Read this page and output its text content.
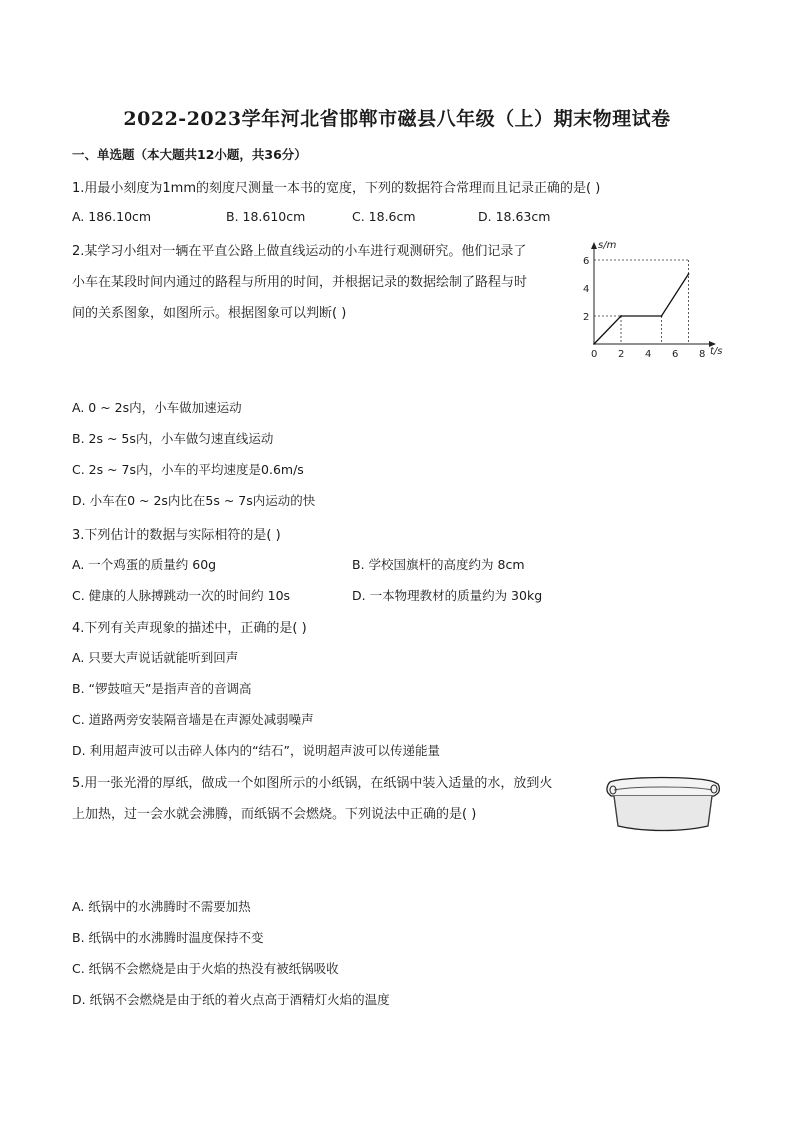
2022-2023学年河北省邯郸市磁县八年级（上）期末物理试卷
一、单选题（本大题共12小题，共36分）
1.用最小刻度为1mm的刻度尺测量一本书的宽度，下列的数据符合常理而且记录正确的是( )
A. 186.10cm	B. 18.610cm	C. 18.6cm	D. 18.63cm
2.某学习小组对一辆在平直公路上做直线运动的小车进行观测研究。他们记录了
小车在某段时间内通过的路程与所用的时间，并根据记录的数据绘制了路程与时
间的关系图象，如图所示。根据图象可以判断( )
t/s
s/m
0 2 4 6 8
2
4
6
A. 0 ~ 2s内，小车做加速运动
B. 2s ~ 5s内，小车做匀速直线运动
C. 2s ~ 7s内，小车的平均速度是0.6m/s
D. 小车在0 ~ 2s内比在5s ~ 7s内运动的快
3.下列估计的数据与实际相符的是( )
A. 一个鸡蛋的质量约 60g	B. 学校国旗杆的高度约为 8cm
C. 健康的人脉搏跳动一次的时间约 10s	D. 一本物理教材的质量约为 30kg
4.下列有关声现象的描述中，正确的是( )
A. 只要大声说话就能听到回声
B. “锣鼓喧天”是指声音的音调高
C. 道路两旁安装隔音墙是在声源处减弱噪声
D. 利用超声波可以击碎人体内的“结石”，说明超声波可以传递能量
5.用一张光滑的厚纸，做成一个如图所示的小纸锅，在纸锅中装入适量的水，放到火
上加热，过一会水就会沸腾，而纸锅不会燃烧。下列说法中正确的是( )
A. 纸锅中的水沸腾时不需要加热
B. 纸锅中的水沸腾时温度保持不变
C. 纸锅不会燃烧是由于火焰的热没有被纸锅吸收
D. 纸锅不会燃烧是由于纸的着火点高于酒精灯火焰的温度
